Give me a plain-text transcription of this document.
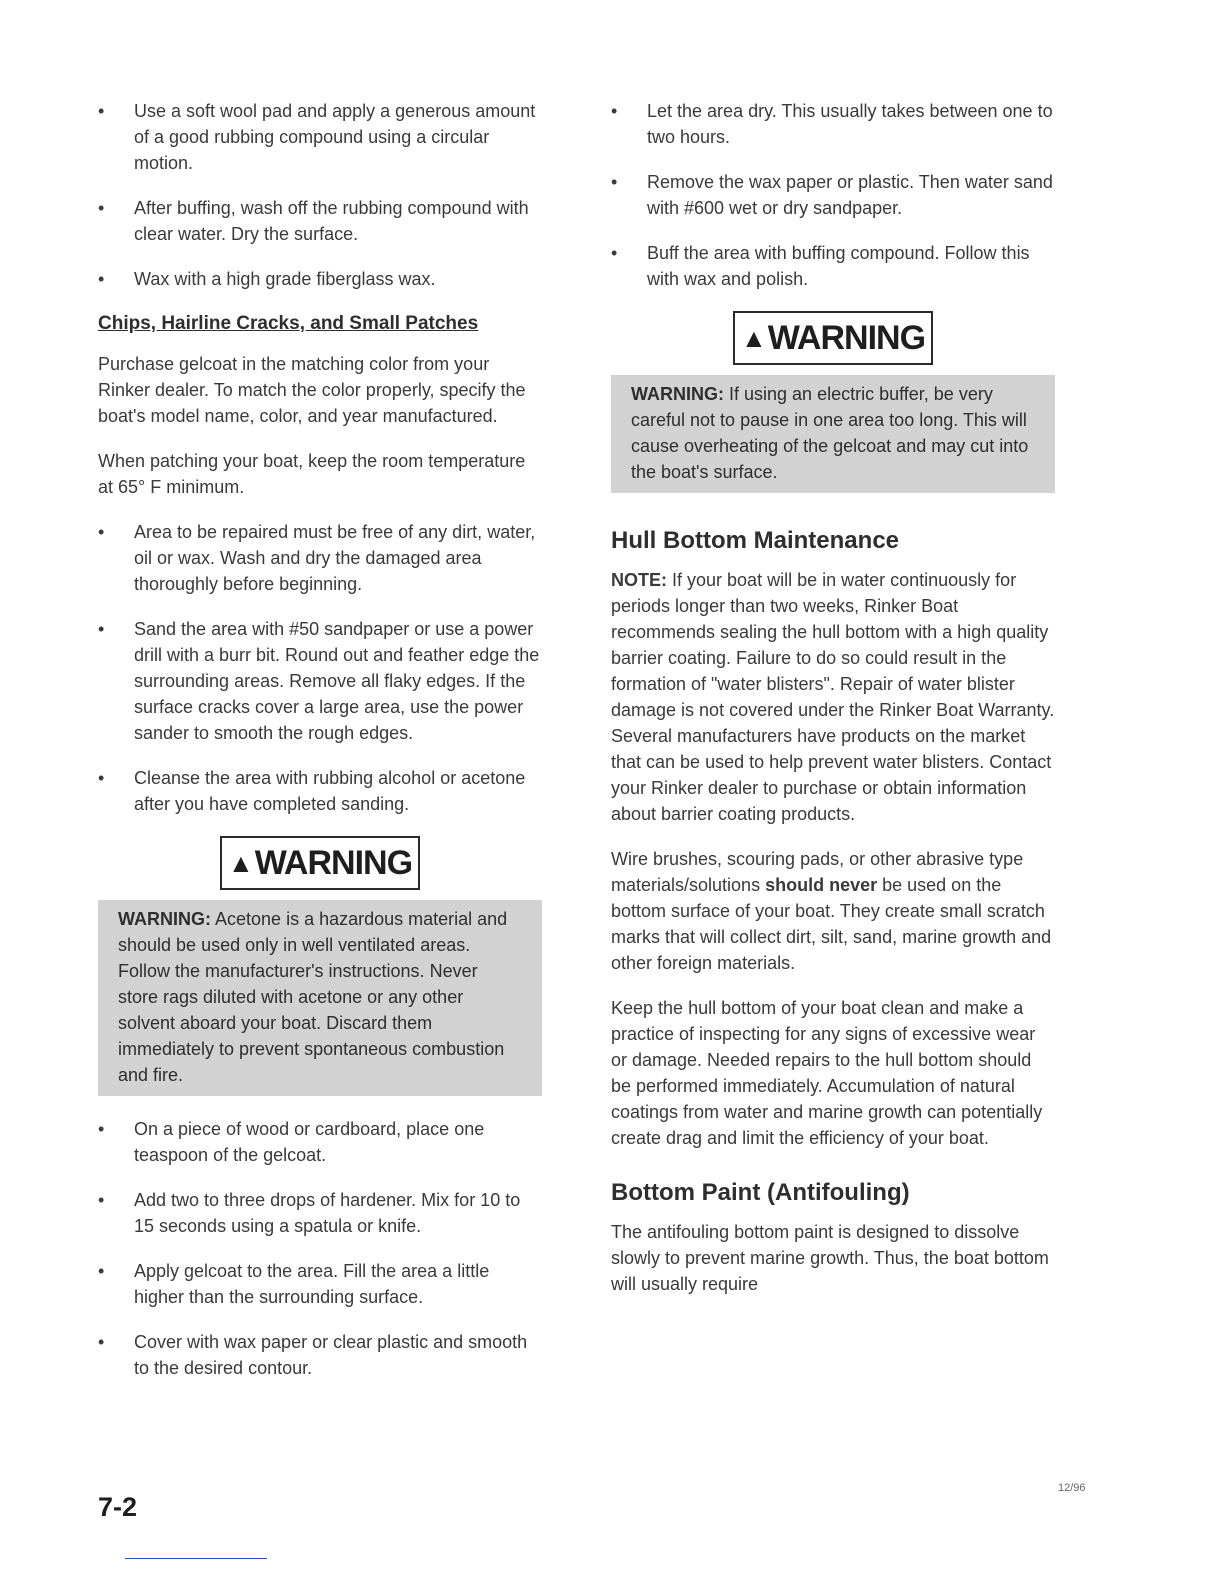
• Use a soft wool pad and apply a generous amount of a good rubbing compound using a circular motion.
• After buffing, wash off the rubbing compound with clear water. Dry the surface.
• Wax with a high grade fiberglass wax.
Chips, Hairline Cracks, and Small Patches

Purchase gelcoat in the matching color from your Rinker dealer. To match the color properly, specify the boat's model name, color, and year manufactured.

When patching your boat, keep the room temperature at 65° F minimum.

• Area to be repaired must be free of any dirt, water, oil or wax. Wash and dry the damaged area thoroughly before beginning.
• Sand the area with #50 sandpaper or use a power drill with a burr bit. Round out and feather edge the surrounding areas. Remove all flaky edges. If the surface cracks cover a large area, use the power sander to smooth the rough edges.
• Cleanse the area with rubbing alcohol or acetone after you have completed sanding.
▲WARNING
WARNING: Acetone is a hazardous material and should be used only in well ventilated areas. Follow the manufacturer's instructions. Never store rags diluted with acetone or any other solvent aboard your boat. Discard them immediately to prevent spontaneous combustion and fire.
• On a piece of wood or cardboard, place one teaspoon of the gelcoat.
• Add two to three drops of hardener. Mix for 10 to 15 seconds using a spatula or knife.
• Apply gelcoat to the area. Fill the area a little higher than the surrounding surface.
• Cover with wax paper or clear plastic and smooth to the desired contour.
• Let the area dry. This usually takes between one to two hours.
• Remove the wax paper or plastic. Then water sand with #600 wet or dry sandpaper.
• Buff the area with buffing compound. Follow this with wax and polish.
▲WARNING
WARNING: If using an electric buffer, be very careful not to pause in one area too long. This will cause overheating of the gelcoat and may cut into the boat's surface.
Hull Bottom Maintenance

NOTE: If your boat will be in water continuously for periods longer than two weeks, Rinker Boat recommends sealing the hull bottom with a high quality barrier coating. Failure to do so could result in the formation of "water blisters". Repair of water blister damage is not covered under the Rinker Boat Warranty. Several manufacturers have products on the market that can be used to help prevent water blisters. Contact your Rinker dealer to purchase or obtain information about barrier coating products.

Wire brushes, scouring pads, or other abrasive type materials/solutions should never be used on the bottom surface of your boat. They create small scratch marks that will collect dirt, silt, sand, marine growth and other foreign materials.

Keep the hull bottom of your boat clean and make a practice of inspecting for any signs of excessive wear or damage. Needed repairs to the hull bottom should be performed immediately. Accumulation of natural coatings from water and marine growth can potentially create drag and limit the efficiency of your boat.

Bottom Paint (Antifouling)

The antifouling bottom paint is designed to dissolve slowly to prevent marine growth. Thus, the boat bottom will usually require

7-2
12/96
